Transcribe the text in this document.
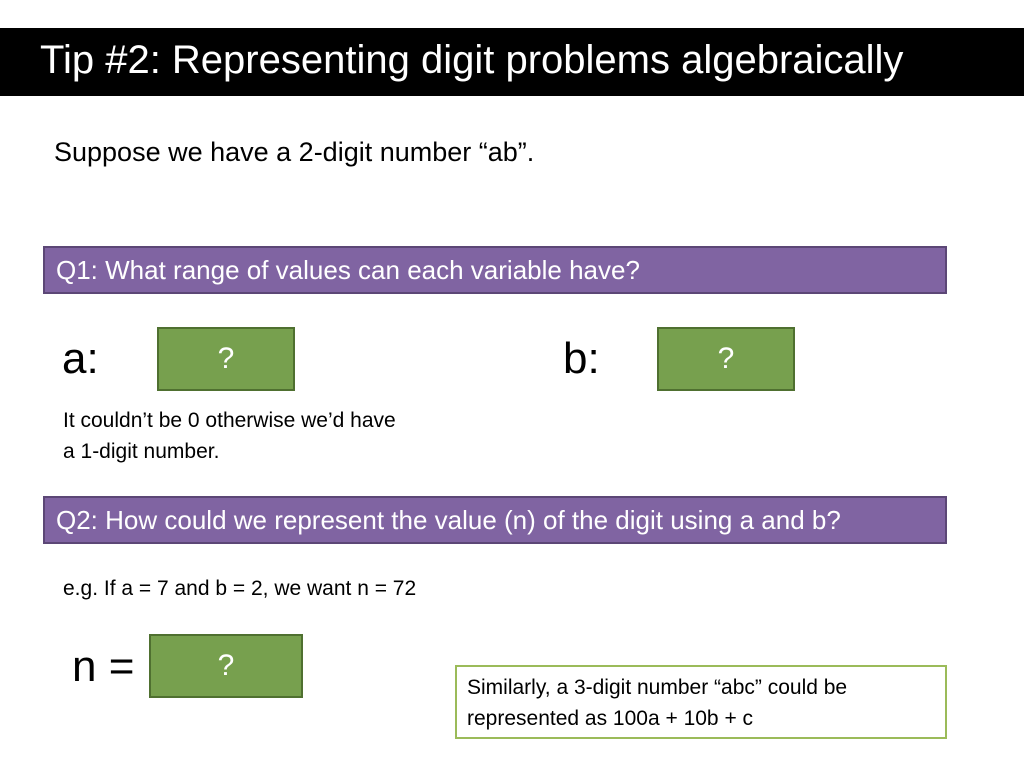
Tip #2: Representing digit problems algebraically
Suppose we have a 2-digit number “ab”.
Q1: What range of values can each variable have?
a:	?	b:	?
It couldn’t be 0 otherwise we’d have
a 1-digit number.
Q2: How could we represent the value (n) of the digit using a and b?
e.g. If a = 7 and b = 2, we want n = 72
n =	?
Similarly, a 3-digit number “abc” could be
represented as 100a + 10b + c
